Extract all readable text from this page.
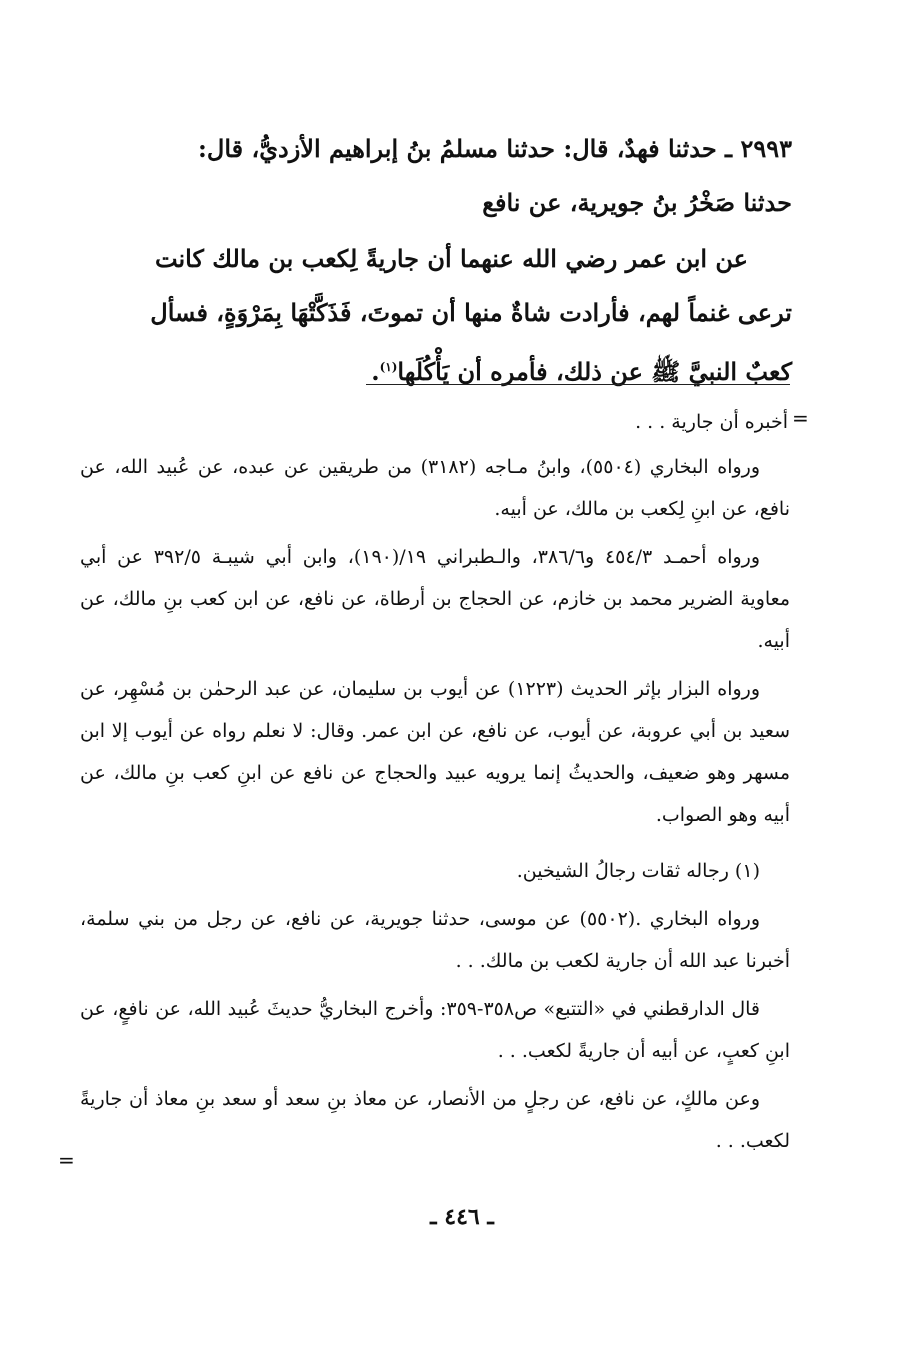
٢٩٩٣ ـ حدثنا فهدٌ، قال: حدثنا مسلمُ بنُ إبراهيم الأزديُّ، قال:
حدثنا صَخْرُ بنُ جويرية، عن نافع
عن ابن عمر رضي الله عنهما أن جاريةً لِكعب بن مالك كانت
ترعى غنماً لهم، فأرادت شاةٌ منها أن تموتَ، فَذَكَّتْهَا بِمَرْوَةٍ، فسأل
كعبٌ النبيَّ ﷺ عن ذلك، فأمره أن يَأْكُلَها$^{(١)}$.
=
أخبره أن جارية . . .

ورواه البخاري (٥٥٠٤)، وابنُ مـاجه (٣١٨٢) من طريقين عن عبده، عن عُبيد الله، عن نافع، عن ابنِ لِكعب بن مالك، عن أبيه.

ورواه أحمـد ٤٥٤/٣ و٣٨٦/٦، والـطبراني ١٩/(١٩٠)، وابن أبي شيبـة ٣٩٢/٥ عن أبي معاوية الضرير محمد بن خازم، عن الحجاج بن أرطاة، عن نافع، عن ابن كعب بنِ مالك، عن أبيه.

ورواه البزار بإثر الحديث (١٢٢٣) عن أيوب بن سليمان، عن عبد الرحمٰن بن مُسْهِر، عن سعيد بن أبي عروبة، عن أيوب، عن نافع، عن ابن عمر. وقال: لا نعلم رواه عن أيوب إلا ابن مسهر وهو ضعيف، والحديثُ إنما يرويه عبيد والحجاج عن نافع عن ابنِ كعب بنِ مالك، عن أبيه وهو الصواب.

(١) رجاله ثقات رجالُ الشيخين.

ورواه البخاري .(٥٥٠٢) عن موسى، حدثنا جويرية، عن نافع، عن رجل من بني سلمة، أخبرنا عبد الله أن جارية لكعب بن مالك. . .

قال الدارقطني في «التتبع» ص٣٥٨-٣٥٩: وأخرج البخاريُّ حديثَ عُبيد الله، عن نافعٍ، عن ابنِ كعبٍ، عن أبيه أن جاريةً لكعب. . .

وعن مالكٍ، عن نافع، عن رجلٍ من الأنصار، عن معاذ بنِ سعد أو سعد بنِ معاذ أن جاريةً لكعب. . .

=
ـ ٤٤٦ ـ
